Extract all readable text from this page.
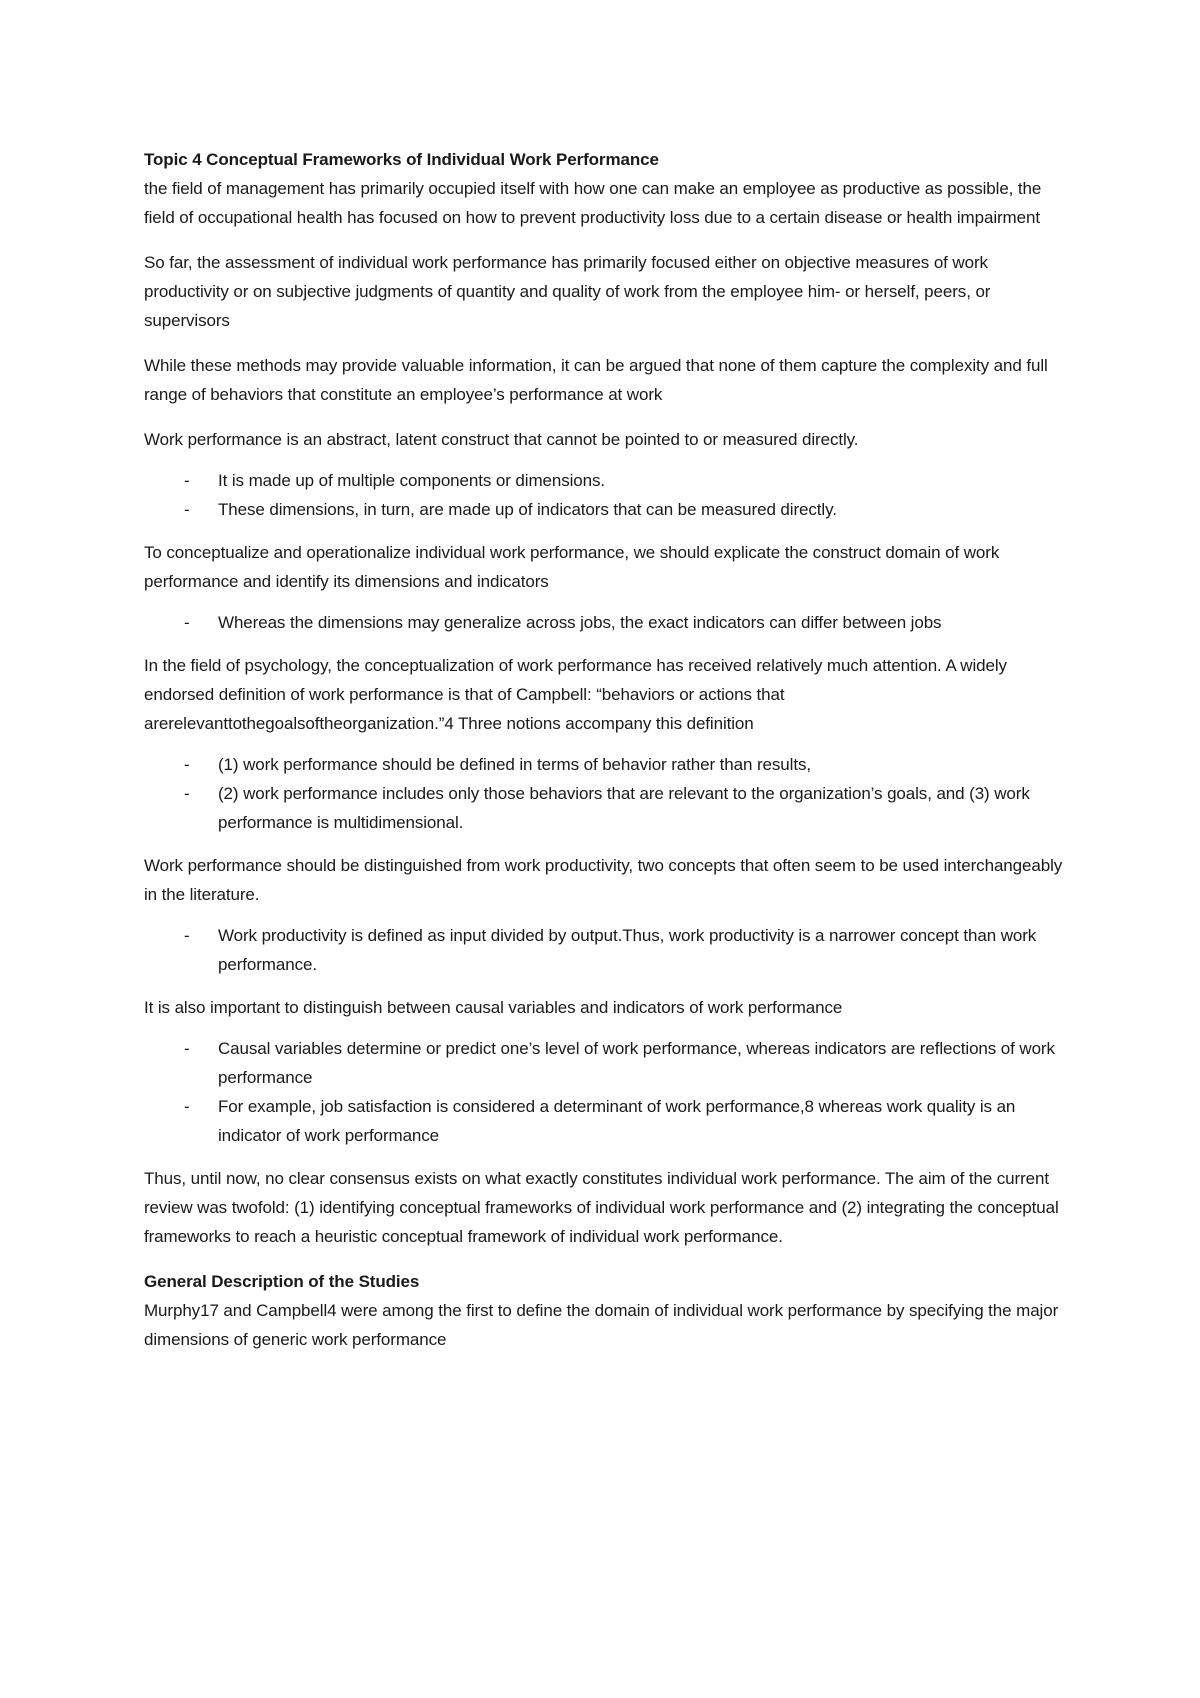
Topic 4 Conceptual Frameworks of Individual Work Performance

the field of management has primarily occupied itself with how one can make an employee as productive as possible, the field of occupational health has focused on how to prevent productivity loss due to a certain disease or health impairment

So far, the assessment of individual work performance has primarily focused either on objective measures of work productivity or on subjective judgments of quantity and quality of work from the employee him- or herself, peers, or supervisors

While these methods may provide valuable information, it can be argued that none of them capture the complexity and full range of behaviors that constitute an employee’s performance at work

Work performance is an abstract, latent construct that cannot be pointed to or measured directly.

- It is made up of multiple components or dimensions.
- These dimensions, in turn, are made up of indicators that can be measured directly.

To conceptualize and operationalize individual work performance, we should explicate the construct domain of work performance and identify its dimensions and indicators

- Whereas the dimensions may generalize across jobs, the exact indicators can differ between jobs

In the field of psychology, the conceptualization of work performance has received relatively much attention. A widely endorsed definition of work performance is that of Campbell: “behaviors or actions that arerelevanttothegoalsoftheorganization.”4 Three notions accompany this definition

- (1) work performance should be defined in terms of behavior rather than results,
- (2) work performance includes only those behaviors that are relevant to the organization’s goals, and (3) work performance is multidimensional.

Work performance should be distinguished from work productivity, two concepts that often seem to be used interchangeably in the literature.

- Work productivity is defined as input divided by output.Thus, work productivity is a narrower concept than work performance.

It is also important to distinguish between causal variables and indicators of work performance

- Causal variables determine or predict one’s level of work performance, whereas indicators are reflections of work performance
- For example, job satisfaction is considered a determinant of work performance,8 whereas work quality is an indicator of work performance

Thus, until now, no clear consensus exists on what exactly constitutes individual work performance. The aim of the current review was twofold: (1) identifying conceptual frameworks of individual work performance and (2) integrating the conceptual frameworks to reach a heuristic conceptual framework of individual work performance.

General Description of the Studies

Murphy17 and Campbell4 were among the first to define the domain of individual work performance by specifying the major dimensions of generic work performance
